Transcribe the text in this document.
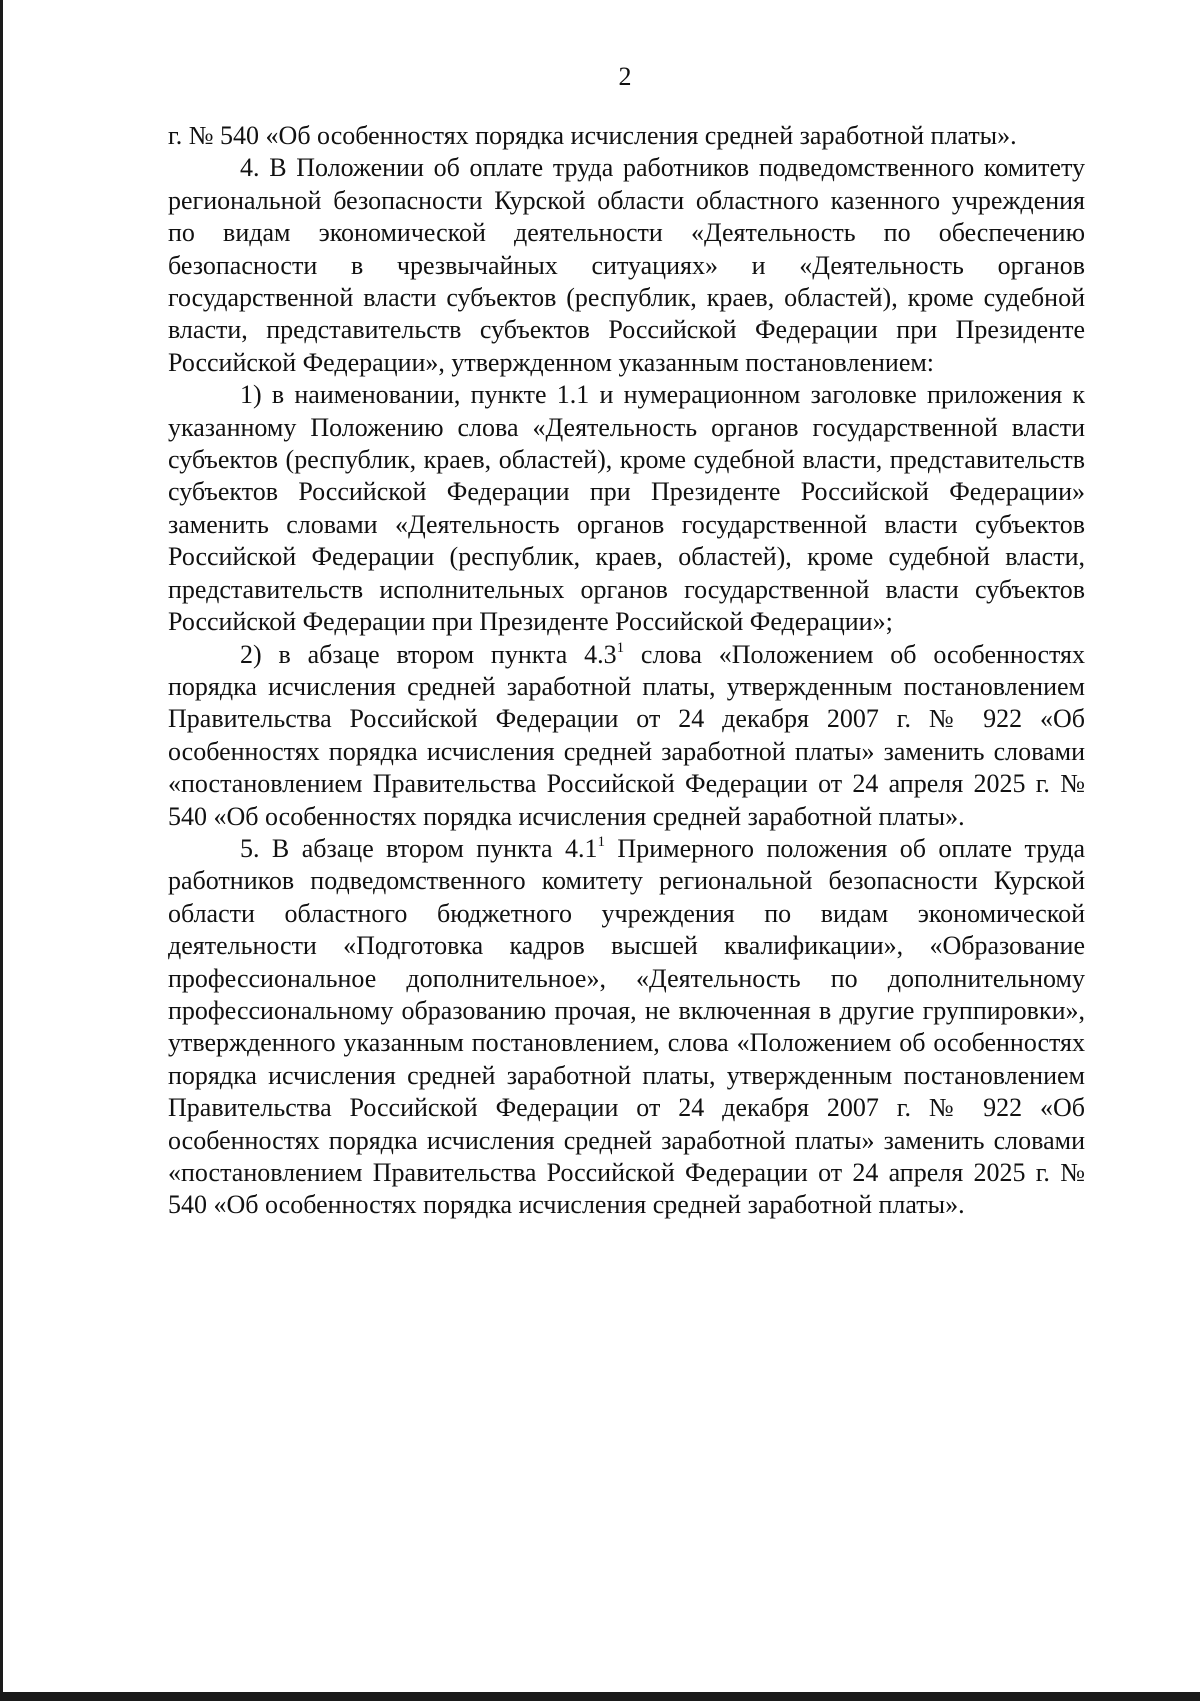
2

г. № 540 «Об особенностях порядка исчисления средней заработной платы».

4. В Положении об оплате труда работников подведомственного комитету региональной безопасности Курской области областного казенного учреждения по видам экономической деятельности «Деятельность по обеспечению безопасности в чрезвычайных ситуациях» и «Деятельность органов государственной власти субъектов (республик, краев, областей), кроме судебной власти, представительств субъектов Российской Федерации при Президенте Российской Федерации», утвержденном указанным постановлением:

1) в наименовании, пункте 1.1 и нумерационном заголовке приложения к указанному Положению слова «Деятельность органов государственной власти субъектов (республик, краев, областей), кроме судебной власти, представительств субъектов Российской Федерации при Президенте Российской Федерации» заменить словами «Деятельность органов государственной власти субъектов Российской Федерации (республик, краев, областей), кроме судебной власти, представительств исполнительных органов государственной власти субъектов Российской Федерации при Президенте Российской Федерации»;

2) в абзаце втором пункта $4.3^1$ слова «Положением об особенностях порядка исчисления средней заработной платы, утвержденным постановлением Правительства Российской Федерации от 24 декабря 2007 г. № 922 «Об особенностях порядка исчисления средней заработной платы» заменить словами «постановлением Правительства Российской Федерации от 24 апреля 2025 г. № 540 «Об особенностях порядка исчисления средней заработной платы».

5. В абзаце втором пункта $4.1^1$ Примерного положения об оплате труда работников подведомственного комитету региональной безопасности Курской области областного бюджетного учреждения по видам экономической деятельности «Подготовка кадров высшей квалификации», «Образование профессиональное дополнительное», «Деятельность по дополнительному профессиональному образованию прочая, не включенная в другие группировки», утвержденного указанным постановлением, слова «Положением об особенностях порядка исчисления средней заработной платы, утвержденным постановлением Правительства Российской Федерации от 24 декабря 2007 г. № 922 «Об особенностях порядка исчисления средней заработной платы» заменить словами «постановлением Правительства Российской Федерации от 24 апреля 2025 г. № 540 «Об особенностях порядка исчисления средней заработной платы».
